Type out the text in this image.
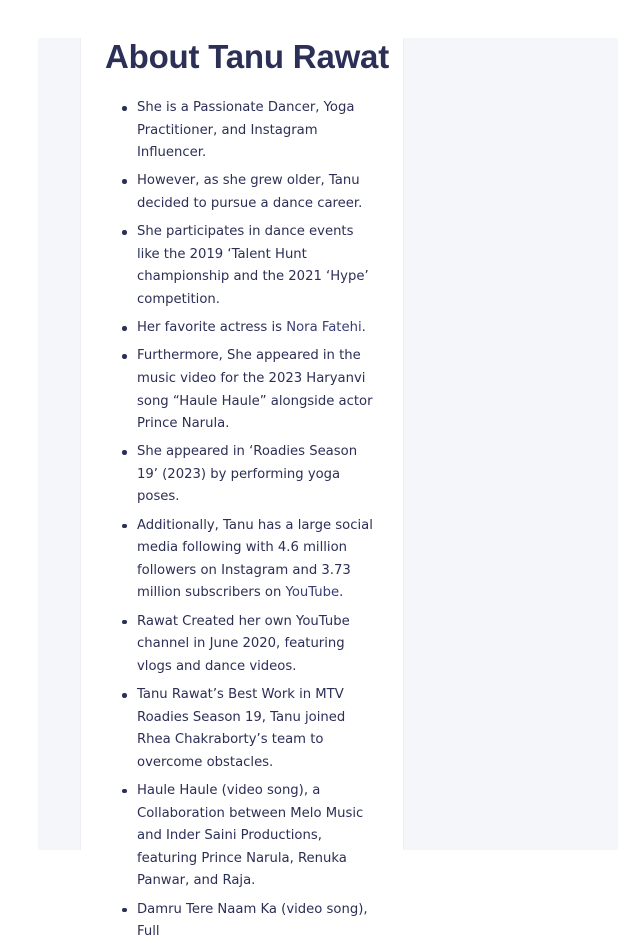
About Tanu Rawat
She is a Passionate Dancer, Yoga Practitioner, and Instagram Influencer.
However, as she grew older, Tanu decided to pursue a dance career.
She participates in dance events like the 2019 ‘Talent Hunt championship and the 2021 ‘Hype’ competition.
Her favorite actress is Nora Fatehi.
Furthermore, She appeared in the music video for the 2023 Haryanvi song “Haule Haule” alongside actor Prince Narula.
She appeared in ‘Roadies Season 19’ (2023) by performing yoga poses.
Additionally, Tanu has a large social media following with 4.6 million followers on Instagram and 3.73 million subscribers on YouTube.
Rawat Created her own YouTube channel in June 2020, featuring vlogs and dance videos.
Tanu Rawat’s Best Work in MTV Roadies Season 19, Tanu joined Rhea Chakraborty’s team to overcome obstacles.
Haule Haule (video song), a Collaboration between Melo Music and Inder Saini Productions, featuring Prince Narula, Renuka Panwar, and Raja.
Damru Tere Naam Ka (video song), Full
